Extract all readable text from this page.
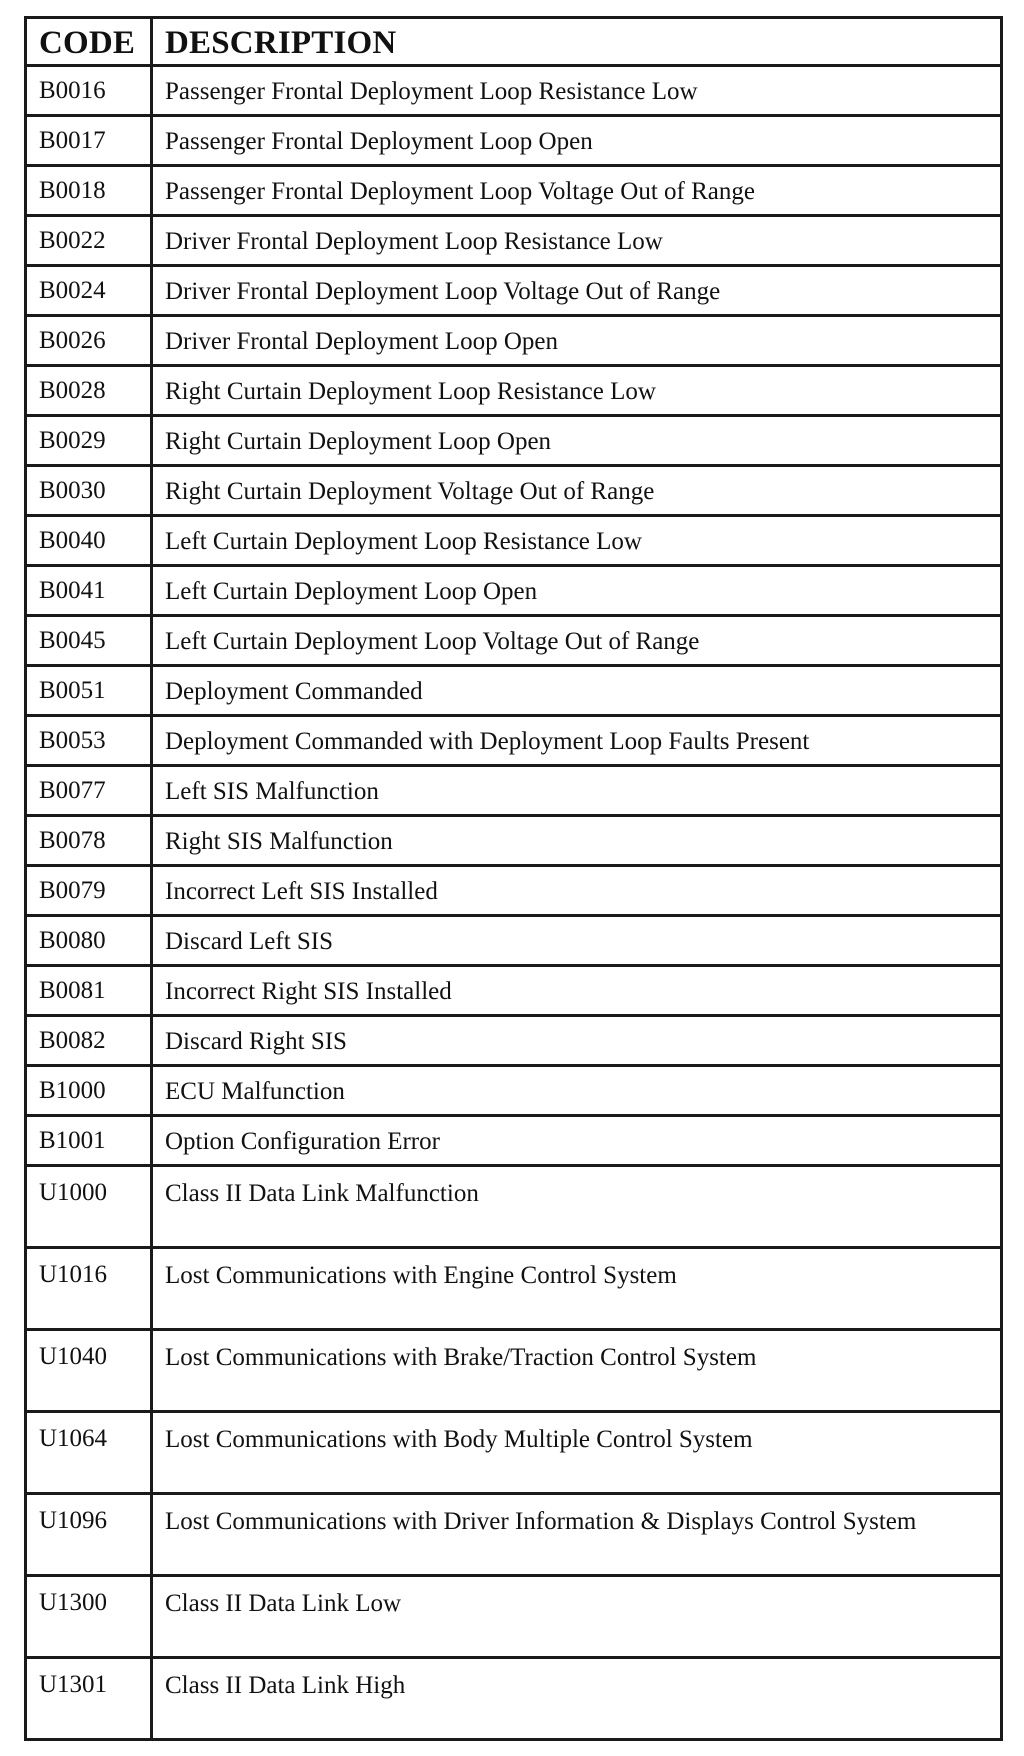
CODE	DESCRIPTION
B0016	Passenger Frontal Deployment Loop Resistance Low
B0017	Passenger Frontal Deployment Loop Open
B0018	Passenger Frontal Deployment Loop Voltage Out of Range
B0022	Driver Frontal Deployment Loop Resistance Low
B0024	Driver Frontal Deployment Loop Voltage Out of Range
B0026	Driver Frontal Deployment Loop Open
B0028	Right Curtain Deployment Loop Resistance Low
B0029	Right Curtain Deployment Loop Open
B0030	Right Curtain Deployment Voltage Out of Range
B0040	Left Curtain Deployment Loop Resistance Low
B0041	Left Curtain Deployment Loop Open
B0045	Left Curtain Deployment Loop Voltage Out of Range
B0051	Deployment Commanded
B0053	Deployment Commanded with Deployment Loop Faults Present
B0077	Left SIS Malfunction
B0078	Right SIS Malfunction
B0079	Incorrect Left SIS Installed
B0080	Discard Left SIS
B0081	Incorrect Right SIS Installed
B0082	Discard Right SIS
B1000	ECU Malfunction
B1001	Option Configuration Error
U1000	Class II Data Link Malfunction
U1016	Lost Communications with Engine Control System
U1040	Lost Communications with Brake/Traction Control System
U1064	Lost Communications with Body Multiple Control System
U1096	Lost Communications with Driver Information & Displays Control System
U1300	Class II Data Link Low
U1301	Class II Data Link High
